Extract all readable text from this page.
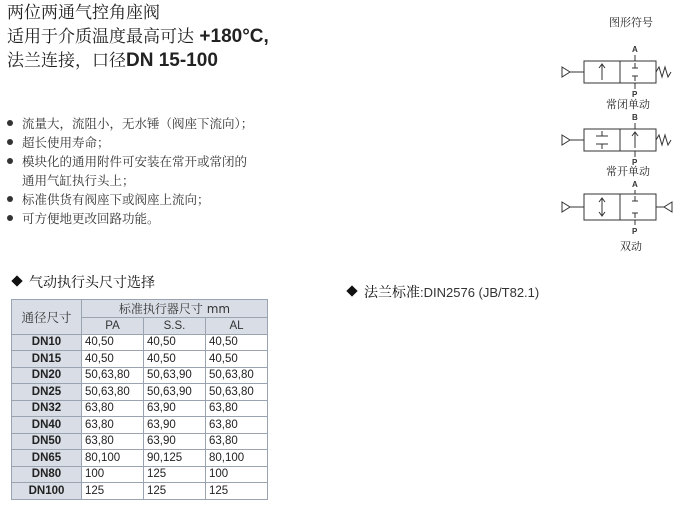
两位两通气控角座阀
适用于介质温度最高可达 +180°C,
法兰连接，口径DN 15-100
流量大，流阻小，无水锤（阀座下流向）；
超长使用寿命；
模块化的通用附件可安装在常开或常闭的
通用气缸执行头上；
标准供货有阀座下或阀座上流向；
可方便地更改回路功能。
气动执行头尺寸选择
通径尺寸	标准执行器尺寸 mm		
	PA	S.S.	AL
DN10	40,50	40,50	40,50
DN15	40,50	40,50	40,50
DN20	50,63,80	50,63,90	50,63,80
DN25	50,63,80	50,63,90	50,63,80
DN32	63,80	63,90	63,80
DN40	63,80	63,90	63,80
DN50	63,80	63,90	63,80
DN65	80,100	90,125	80,100
DN80	100	125	100
DN100	125	125	125
法兰标准:DIN2576 (JB/T82.1)
图形符号
A
P
常闭单动
B
P
常开单动
A
P
双动
